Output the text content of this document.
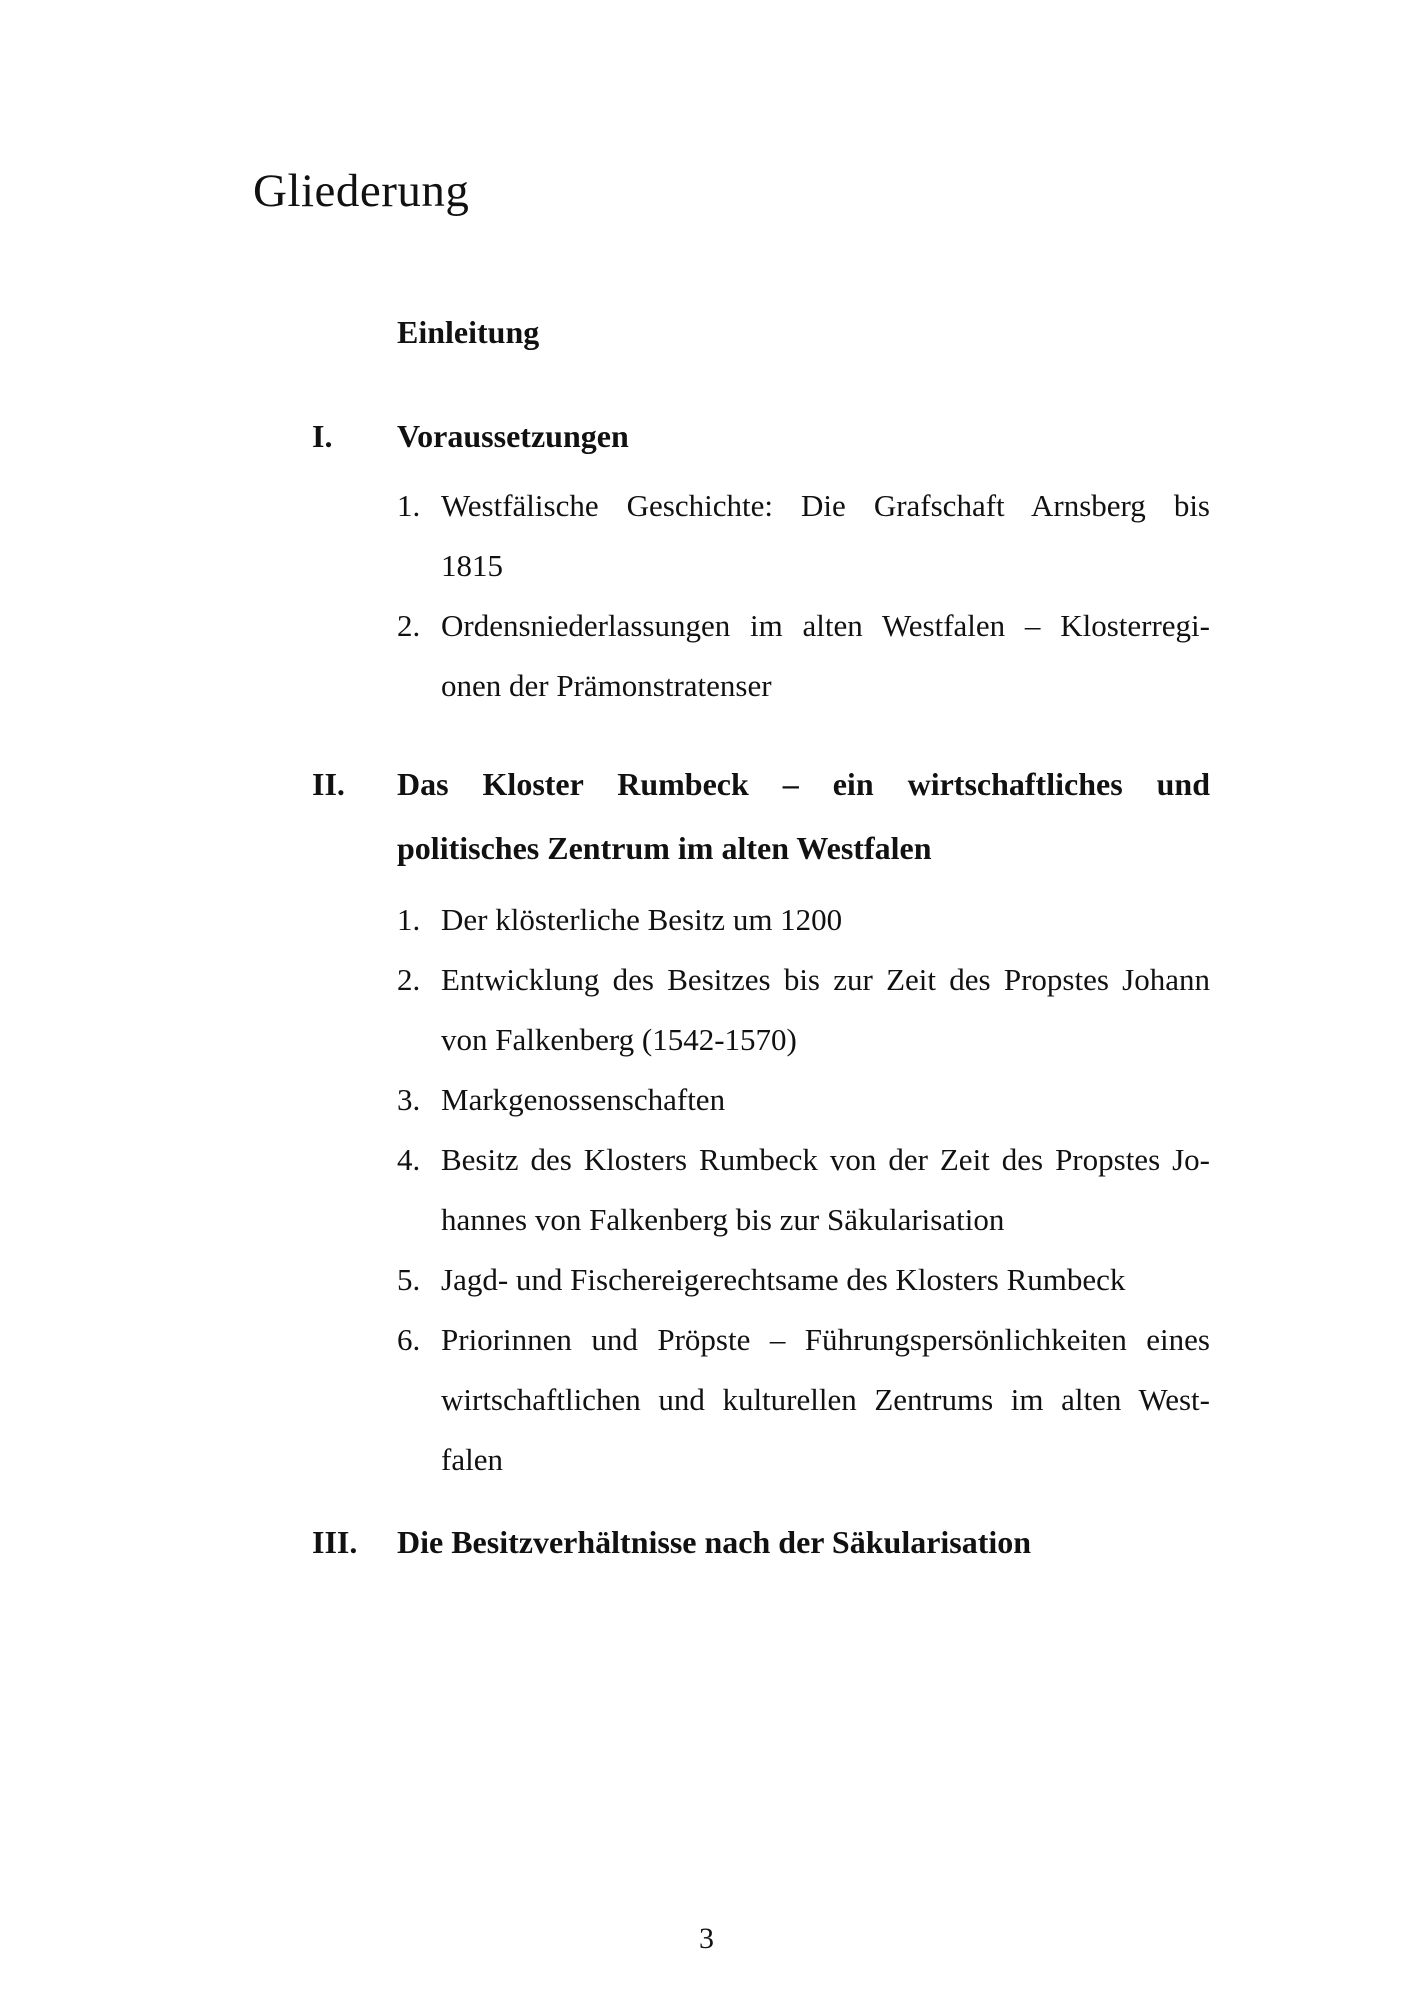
Gliederung
Einleitung
I.	Voraussetzungen
1. Westfälische Geschichte: Die Grafschaft Arnsberg bis
1815
2. Ordensniederlassungen im alten Westfalen – Klosterregi-
onen der Prämonstratenser
II.	Das Kloster Rumbeck – ein wirtschaftliches und
politisches Zentrum im alten Westfalen
1. Der klösterliche Besitz um 1200
2. Entwicklung des Besitzes bis zur Zeit des Propstes Johann
von Falkenberg (1542-1570)
3. Markgenossenschaften
4. Besitz des Klosters Rumbeck von der Zeit des Propstes Jo-
hannes von Falkenberg bis zur Säkularisation
5. Jagd- und Fischereigerechtsame des Klosters Rumbeck
6. Priorinnen und Pröpste – Führungspersönlichkeiten eines
wirtschaftlichen und kulturellen Zentrums im alten West-
falen
III.	Die Besitzverhältnisse nach der Säkularisation
3
